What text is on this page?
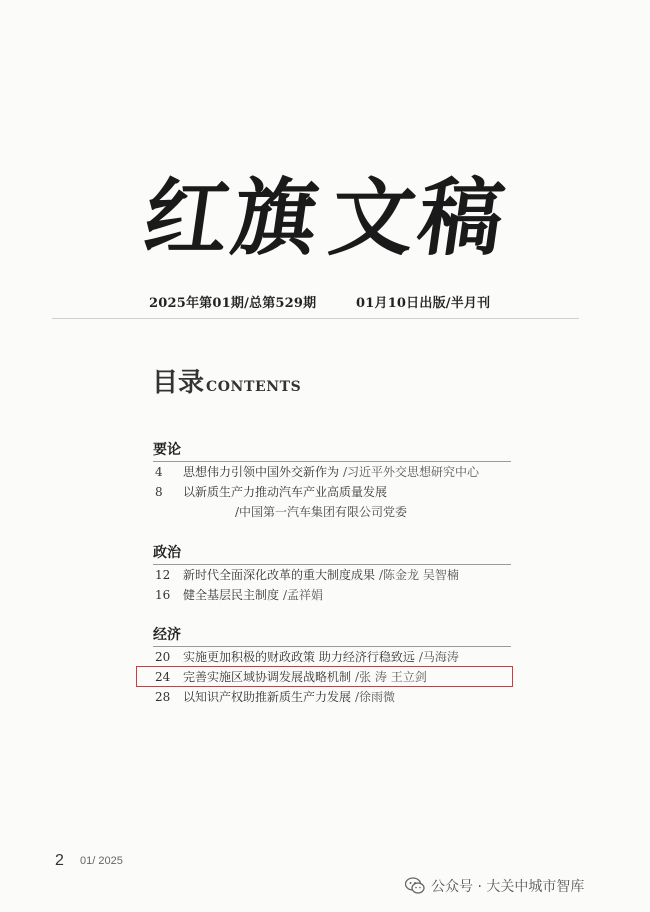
红
旗 文
稿
2025年第01期/总第529期	01月10日出版/半月刊
目录 CONTENTS
要论
4	思想伟力引领中国外交新作为 /习近平外交思想研究中心
8	以新质生产力推动汽车产业高质量发展
/中国第一汽车集团有限公司党委
政治
12	新时代全面深化改革的重大制度成果 /陈金龙 吴智楠
16	健全基层民主制度 /孟祥娟
经济
20	实施更加积极的财政政策 助力经济行稳致远 /马海涛
24	完善实施区域协调发展战略机制 /张 涛 王立剑
28	以知识产权助推新质生产力发展 /徐雨微
2 01/ 2025
公众号 · 大关中城市智库
